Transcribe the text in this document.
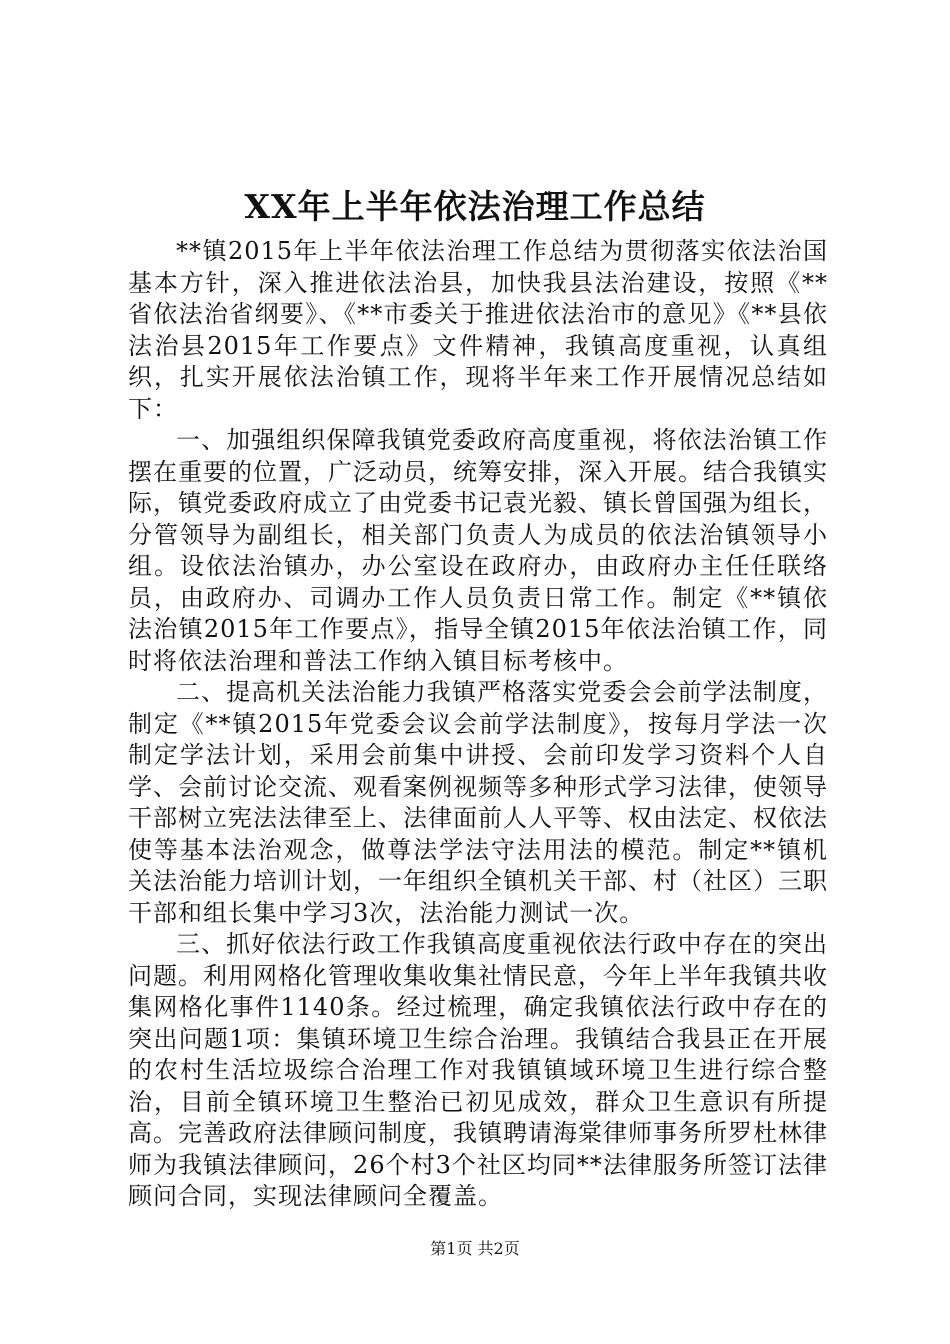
XX年上半年依法治理工作总结

**镇2015年上半年依法治理工作总结为贯彻落实依法治国基本方针，深入推进依法治县，加快我县法治建设，按照《**省依法治省纲要》、《**市委关于推进依法治市的意见》《**县依法治县2015年工作要点》文件精神，我镇高度重视，认真组织，扎实开展依法治镇工作，现将半年来工作开展情况总结如下：

一、加强组织保障我镇党委政府高度重视，将依法治镇工作摆在重要的位置，广泛动员，统筹安排，深入开展。结合我镇实际，镇党委政府成立了由党委书记袁光毅、镇长曾国强为组长，分管领导为副组长，相关部门负责人为成员的依法治镇领导小组。设依法治镇办，办公室设在政府办，由政府办主任任联络员，由政府办、司调办工作人员负责日常工作。制定《**镇依法治镇2015年工作要点》，指导全镇2015年依法治镇工作，同时将依法治理和普法工作纳入镇目标考核中。

二、提高机关法治能力我镇严格落实党委会会前学法制度，制定《**镇2015年党委会议会前学法制度》，按每月学法一次制定学法计划，采用会前集中讲授、会前印发学习资料个人自学、会前讨论交流、观看案例视频等多种形式学习法律，使领导干部树立宪法法律至上、法律面前人人平等、权由法定、权依法使等基本法治观念，做尊法学法守法用法的模范。制定**镇机关法治能力培训计划，一年组织全镇机关干部、村（社区）三职干部和组长集中学习3次，法治能力测试一次。

三、抓好依法行政工作我镇高度重视依法行政中存在的突出问题。利用网格化管理收集收集社情民意，今年上半年我镇共收集网格化事件1140条。经过梳理，确定我镇依法行政中存在的突出问题1项：集镇环境卫生综合治理。我镇结合我县正在开展的农村生活垃圾综合治理工作对我镇镇域环境卫生进行综合整治，目前全镇环境卫生整治已初见成效，群众卫生意识有所提高。完善政府法律顾问制度，我镇聘请海棠律师事务所罗杜林律师为我镇法律顾问，26个村3个社区均同**法律服务所签订法律顾问合同，实现法律顾问全覆盖。

第1页 共2页
